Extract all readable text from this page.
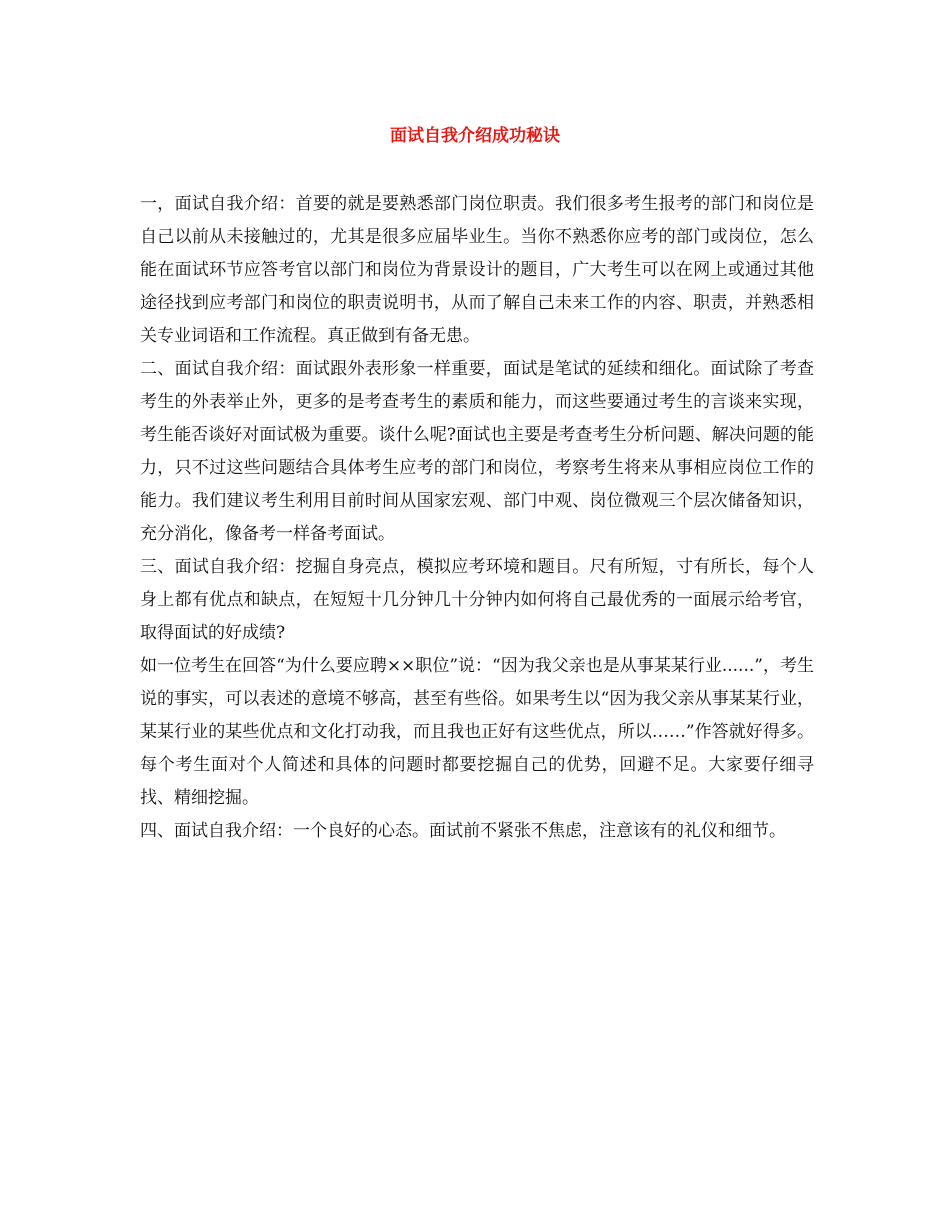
面试自我介绍成功秘诀

一，面试自我介绍：首要的就是要熟悉部门岗位职责。我们很多考生报考的部门和岗位是自己以前从未接触过的，尤其是很多应届毕业生。当你不熟悉你应考的部门或岗位，怎么能在面试环节应答考官以部门和岗位为背景设计的题目，广大考生可以在网上或通过其他途径找到应考部门和岗位的职责说明书，从而了解自己未来工作的内容、职责，并熟悉相关专业词语和工作流程。真正做到有备无患。

二、面试自我介绍：面试跟外表形象一样重要，面试是笔试的延续和细化。面试除了考查考生的外表举止外，更多的是考查考生的素质和能力，而这些要通过考生的言谈来实现，考生能否谈好对面试极为重要。谈什么呢?面试也主要是考查考生分析问题、解决问题的能力，只不过这些问题结合具体考生应考的部门和岗位，考察考生将来从事相应岗位工作的能力。我们建议考生利用目前时间从国家宏观、部门中观、岗位微观三个层次储备知识，充分消化，像备考一样备考面试。

三、面试自我介绍：挖掘自身亮点，模拟应考环境和题目。尺有所短，寸有所长，每个人身上都有优点和缺点，在短短十几分钟几十分钟内如何将自己最优秀的一面展示给考官，取得面试的好成绩?

如一位考生在回答“为什么要应聘××职位”说：“因为我父亲也是从事某某行业......”，考生说的事实，可以表述的意境不够高，甚至有些俗。如果考生以“因为我父亲从事某某行业，某某行业的某些优点和文化打动我，而且我也正好有这些优点，所以……”作答就好得多。每个考生面对个人简述和具体的问题时都要挖掘自己的优势，回避不足。大家要仔细寻找、精细挖掘。

四、面试自我介绍：一个良好的心态。面试前不紧张不焦虑，注意该有的礼仪和细节。
